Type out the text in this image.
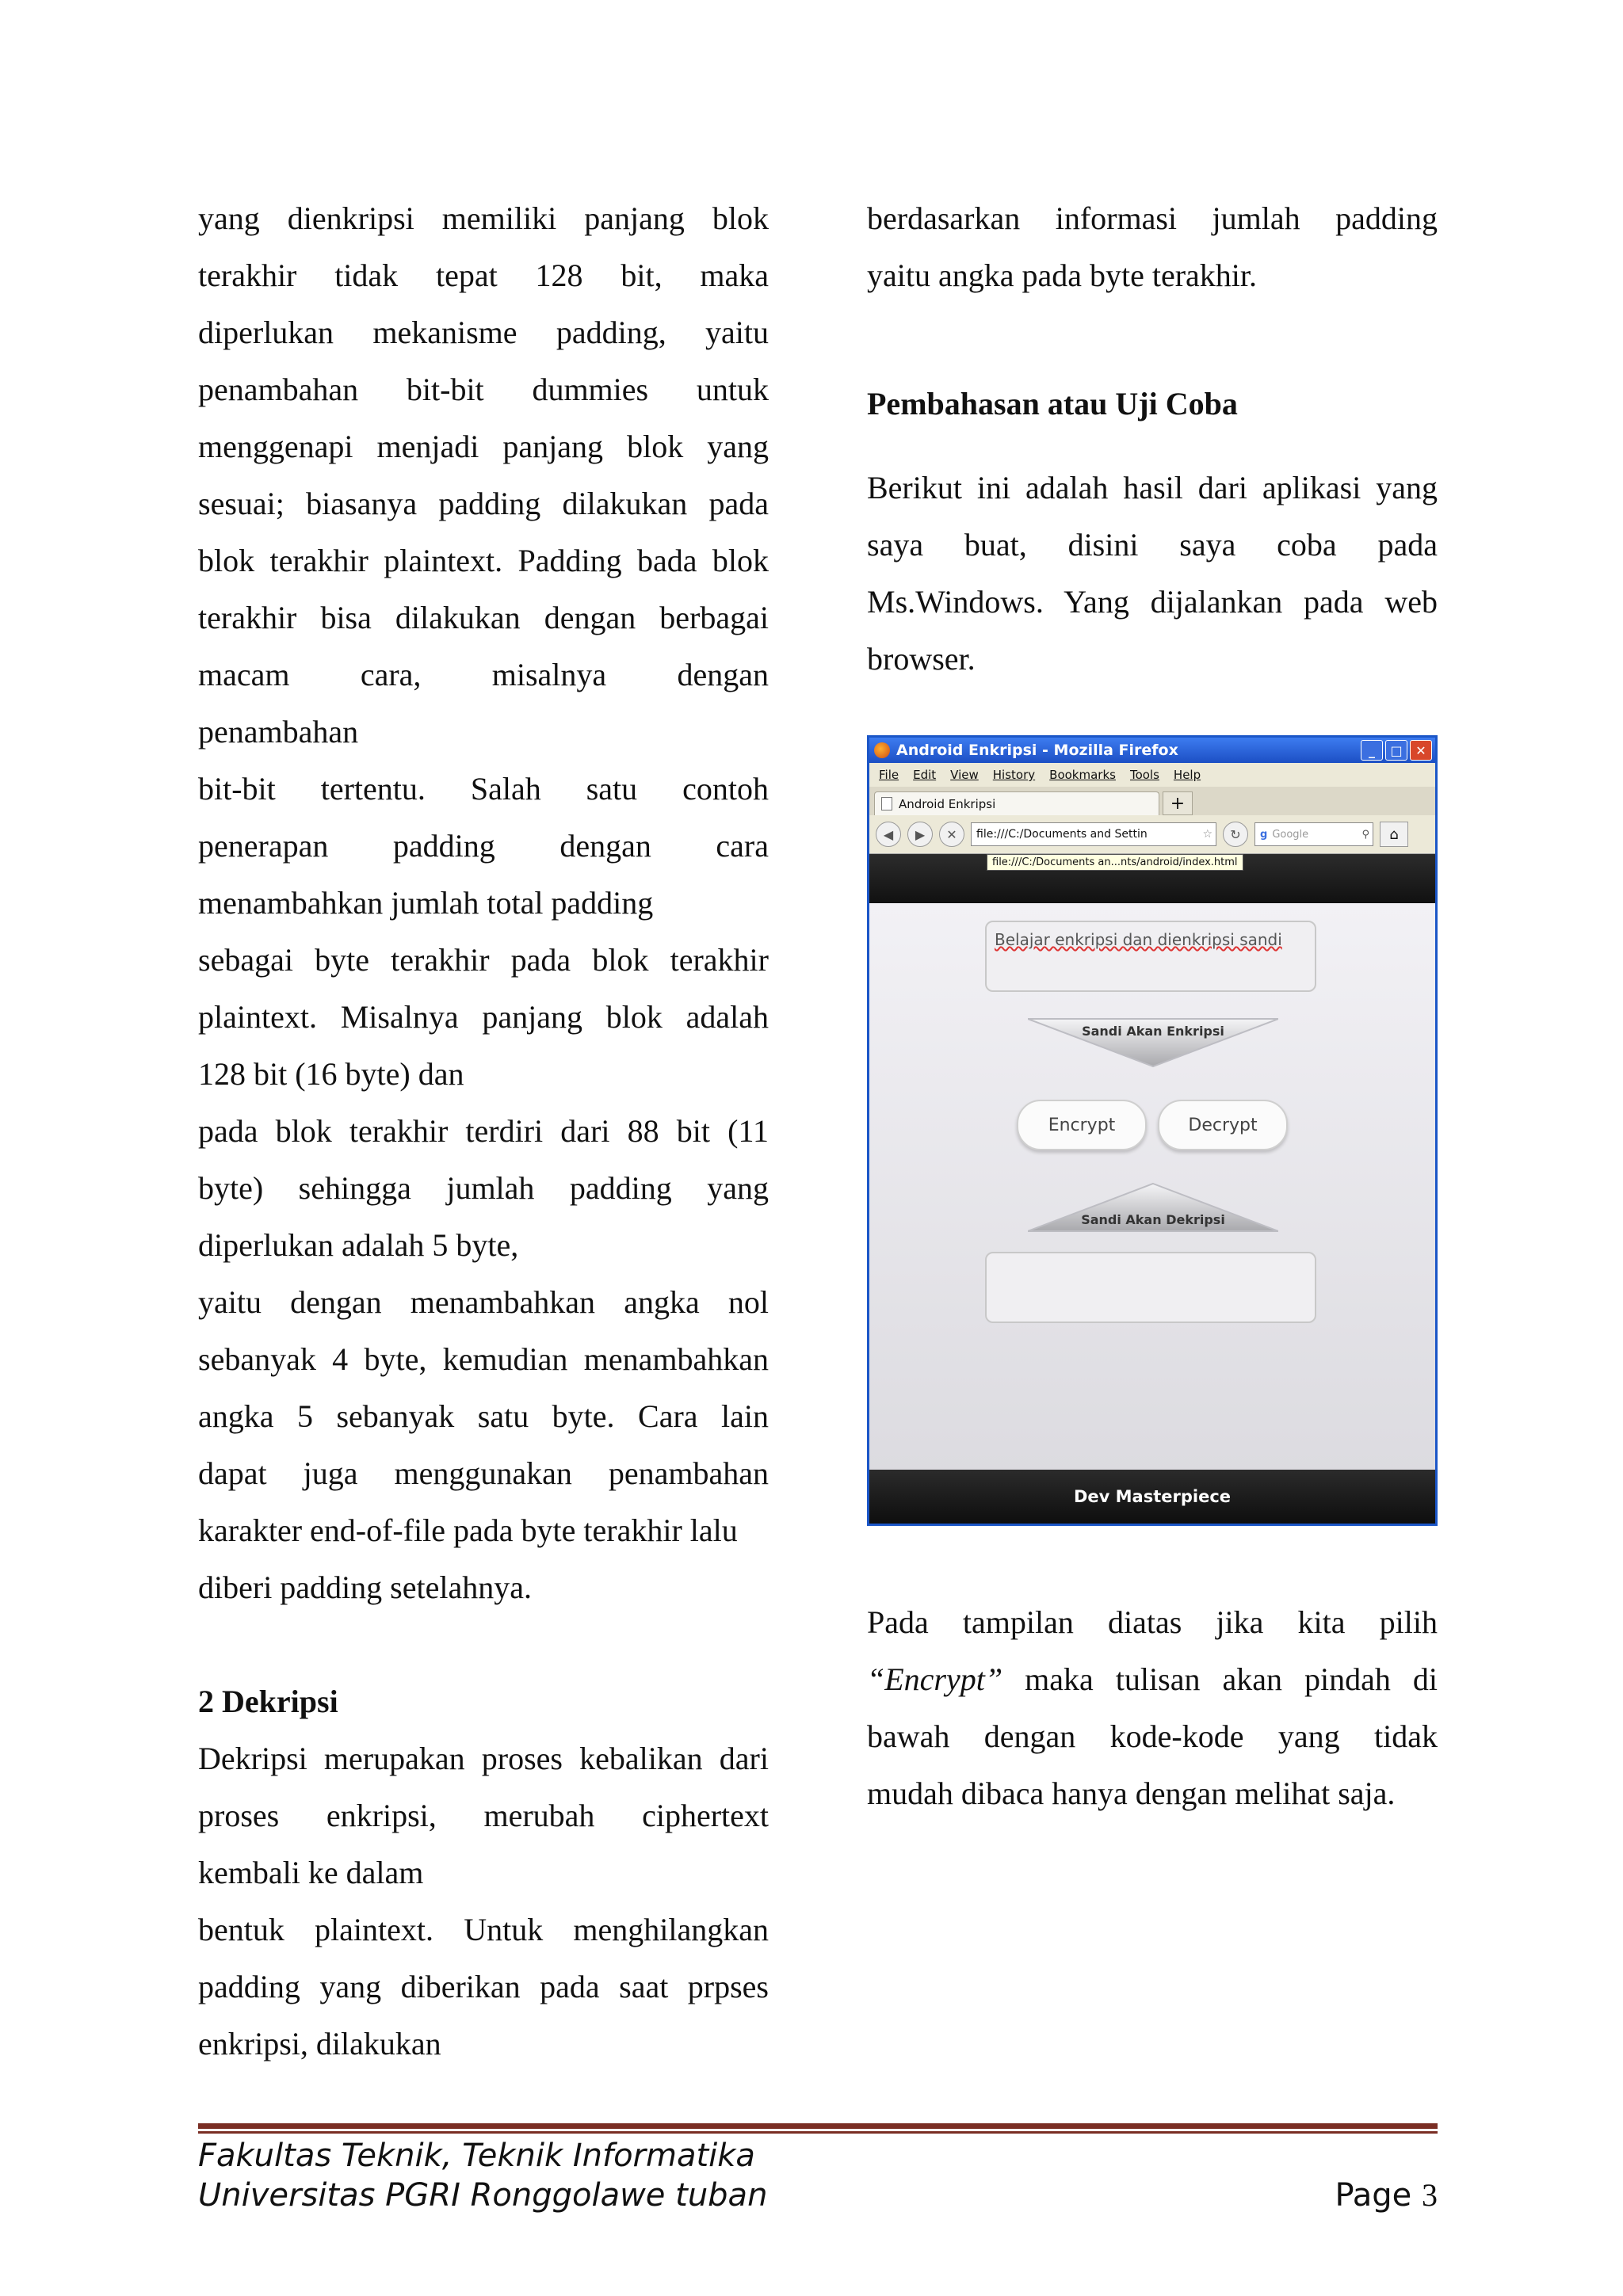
yang dienkripsi memiliki panjang blok

terakhir tidak tepat 128 bit, maka

diperlukan mekanisme padding, yaitu

penambahan bit-bit dummies untuk

menggenapi menjadi panjang blok yang

sesuai; biasanya padding dilakukan pada

blok terakhir plaintext. Padding bada blok

terakhir bisa dilakukan dengan berbagai

macam cara, misalnya dengan

penambahan

bit-bit tertentu. Salah satu contoh

penerapan padding dengan cara

menambahkan jumlah total padding

sebagai byte terakhir pada blok terakhir

plaintext. Misalnya panjang blok adalah

128 bit (16 byte) dan

pada blok terakhir terdiri dari 88 bit (11

byte) sehingga jumlah padding yang

diperlukan adalah 5 byte,

yaitu dengan menambahkan angka nol

sebanyak 4 byte, kemudian menambahkan

angka 5 sebanyak satu byte. Cara lain

dapat juga menggunakan penambahan

karakter end-of-file pada byte terakhir lalu

diberi padding setelahnya.

2 Dekripsi

Dekripsi merupakan proses kebalikan dari

proses enkripsi, merubah ciphertext

kembali ke dalam

bentuk plaintext. Untuk menghilangkan

padding yang diberikan pada saat prpses

enkripsi, dilakukan

berdasarkan informasi jumlah padding

yaitu angka pada byte terakhir.

Pembahasan atau Uji Coba

Berikut ini adalah hasil dari aplikasi yang

saya buat, disini saya coba pada

Ms.Windows. Yang dijalankan pada web

browser.

Pada tampilan diatas jika kita pilih

“Encrypt” maka tulisan akan pindah di

bawah dengan kode-kode yang tidak

mudah dibaca hanya dengan melihat saja.

Android Enkripsi - Mozilla Firefox	_	□	✕
File Edit View History Bookmarks Tools Help
Android Enkripsi	+
◀	▶	✕	file:///C:/Documents and Settin	☆	↻	g Google	⚲	⌂
file:///C:/Documents an...nts/android/index.html
Belajar enkripsi dan dienkripsi sandi
Sandi Akan Enkripsi
Encrypt	Decrypt
Sandi Akan Dekripsi
Dev Masterpiece
Fakultas Teknik, Teknik Informatika
Universitas PGRI Ronggolawe tuban	Page 3
